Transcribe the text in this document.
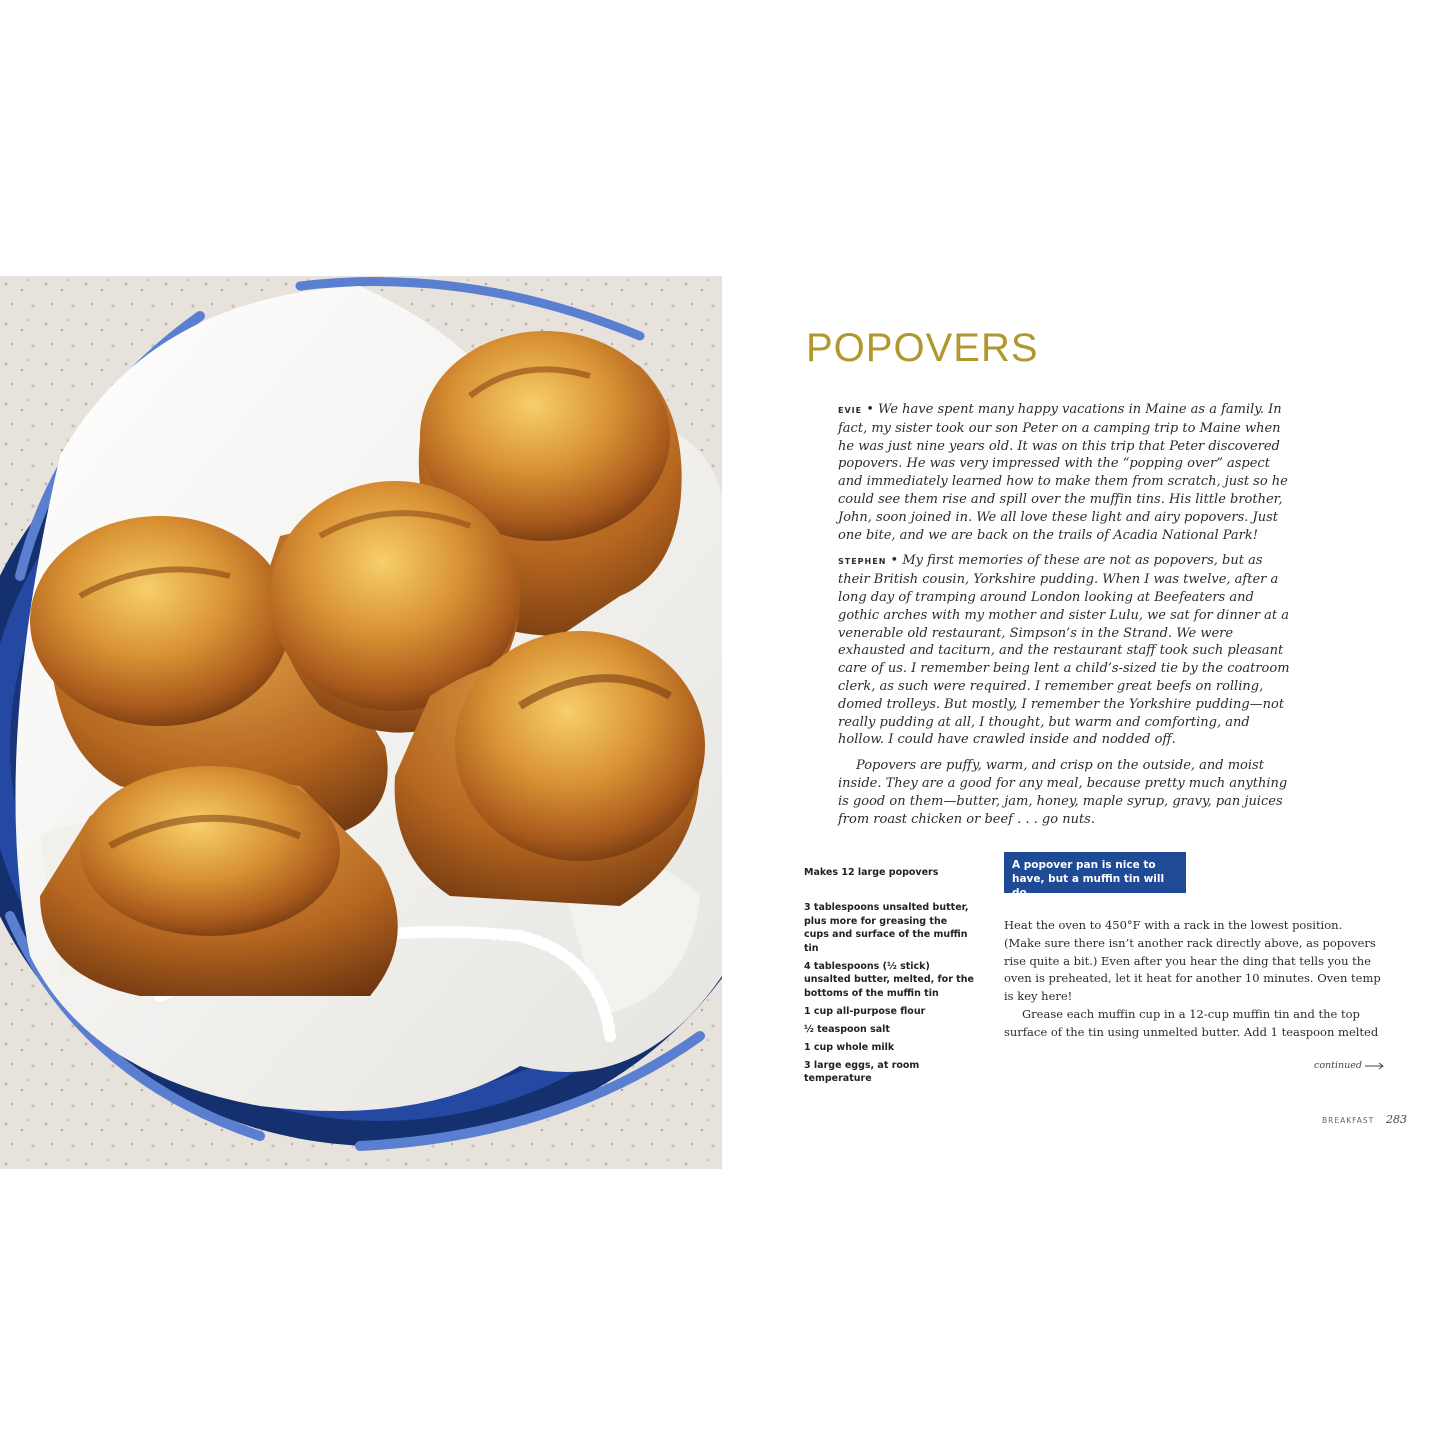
POPOVERS

EVIE • We have spent many happy vacations in Maine as a family. In fact, my sister took our son Peter on a camping trip to Maine when he was just nine years old. It was on this trip that Peter discovered popovers. He was very impressed with the “popping over” aspect and immediately learned how to make them from scratch, just so he could see them rise and spill over the muffin tins. His little brother, John, soon joined in. We all love these light and airy popovers. Just one bite, and we are back on the trails of Acadia National Park!

STEPHEN • My first memories of these are not as popovers, but as their British cousin, Yorkshire pudding. When I was twelve, after a long day of tramping around London looking at Beefeaters and gothic arches with my mother and sister Lulu, we sat for dinner at a venerable old restaurant, Simpson’s in the Strand. We were exhausted and taciturn, and the restaurant staff took such pleasant care of us. I remember being lent a child’s-sized tie by the coatroom clerk, as such were required. I remember great beefs on rolling, domed trolleys. But mostly, I remember the Yorkshire pudding—not really pudding at all, I thought, but warm and comforting, and hollow. I could have crawled inside and nodded off.

Popovers are puffy, warm, and crisp on the outside, and moist inside. They are a good for any meal, because pretty much anything is good on them—butter, jam, honey, maple syrup, gravy, pan juices from roast chicken or beef . . . go nuts.

Makes 12 large popovers
3 tablespoons unsalted butter, plus more for greasing the cups and surface of the muffin tin
4 tablespoons (½ stick) unsalted butter, melted, for the bottoms of the muffin tin
1 cup all-purpose flour
½ teaspoon salt
1 cup whole milk
3 large eggs, at room temperature
A popover pan is nice to have, but a muffin tin will do.

Heat the oven to 450°F with a rack in the lowest position. (Make sure there isn’t another rack directly above, as popovers rise quite a bit.) Even after you hear the ding that tells you the oven is preheated, let it heat for another 10 minutes. Oven temp is key here!

Grease each muffin cup in a 12-cup muffin tin and the top surface of the tin using unmelted butter. Add 1 teaspoon melted

continued
BREAKFAST 283
